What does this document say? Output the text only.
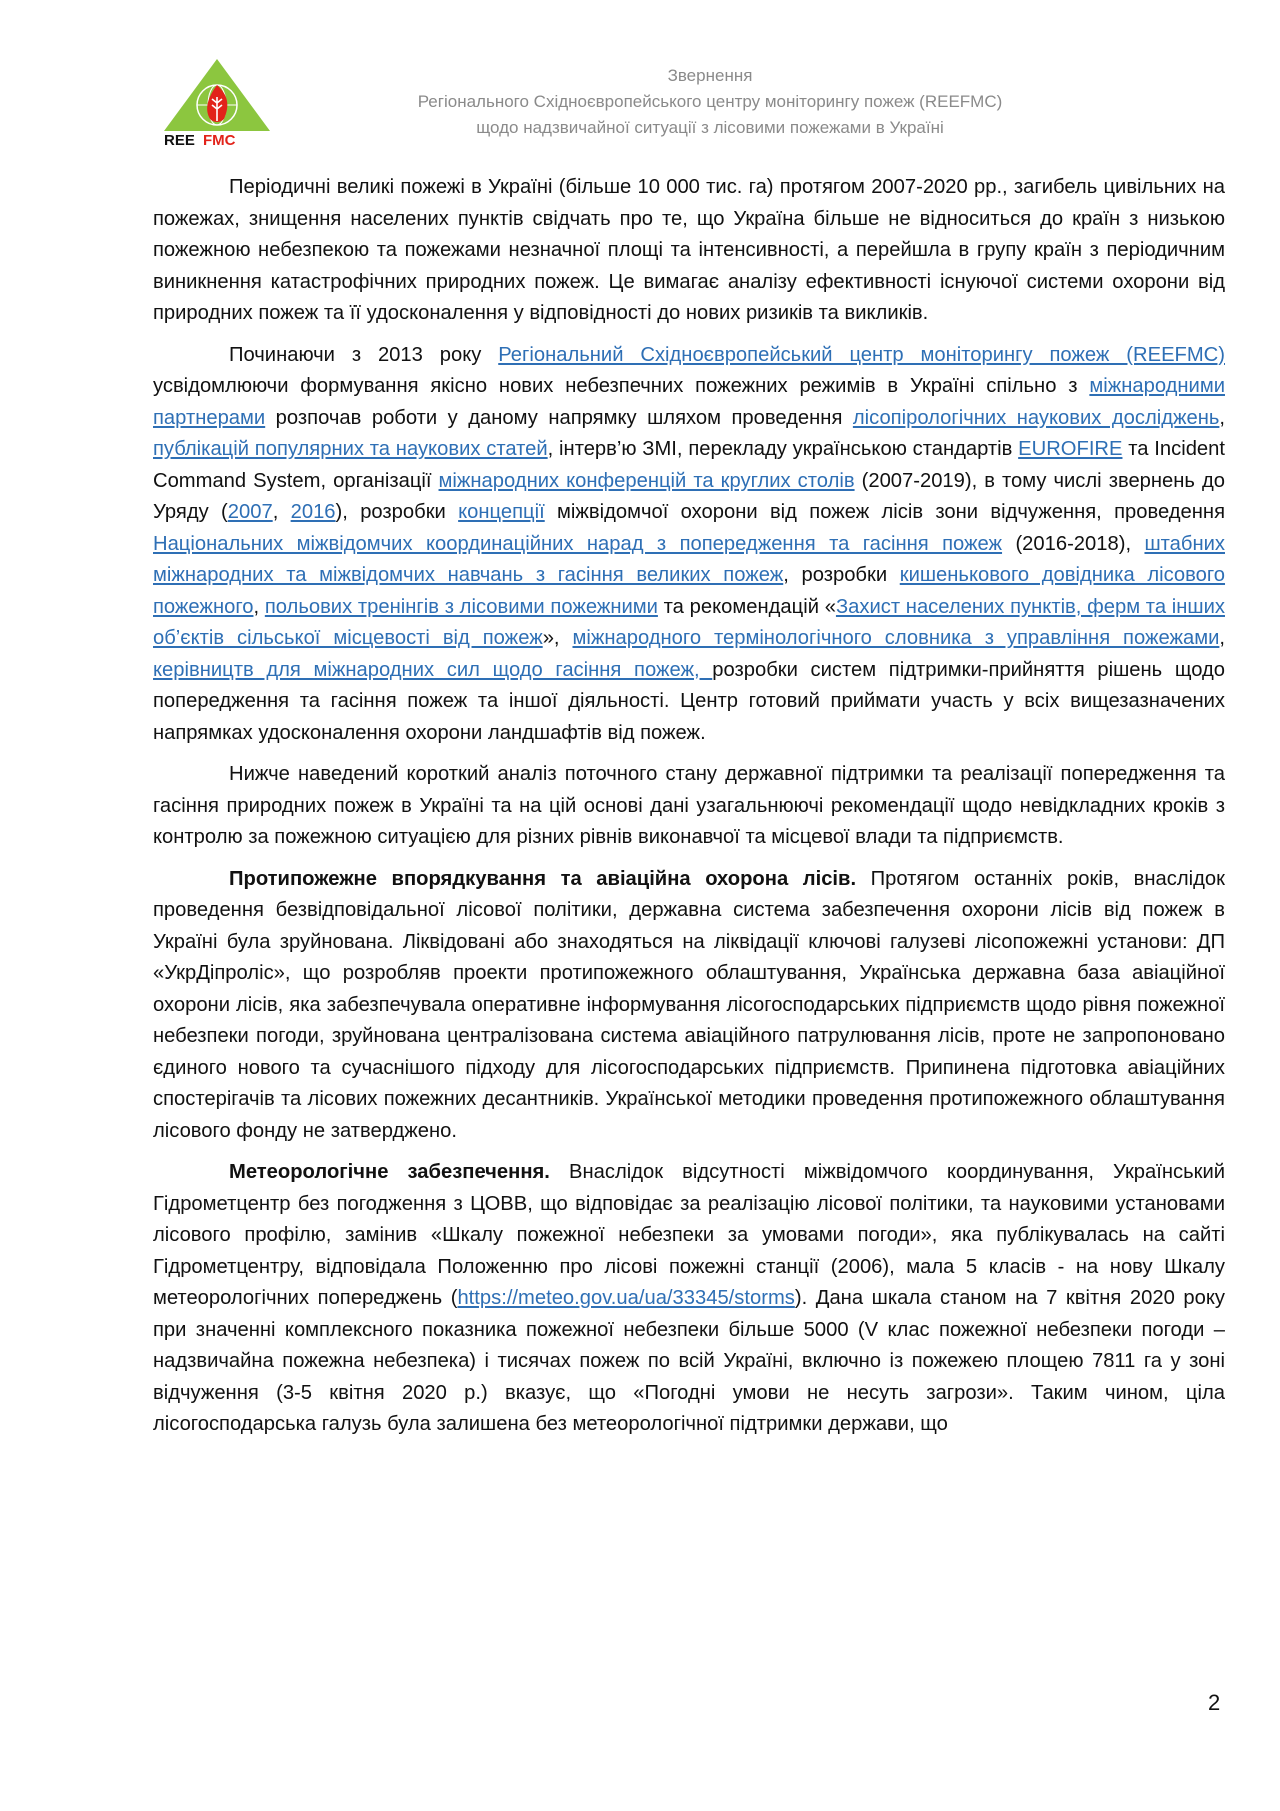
REE FMC
Звернення
Регіонального Східноєвропейського центру моніторингу пожеж (REEFMC)
щодо надзвичайної ситуації з лісовими пожежами в Україні

Періодичні великі пожежі в Україні (більше 10 000 тис. га) протягом 2007-2020 рр., загибель цивільних на пожежах, знищення населених пунктів свідчать про те, що Україна більше не відноситься до країн з низькою пожежною небезпекою та пожежами незначної площі та інтенсивності, а перейшла в групу країн з періодичним виникнення катастрофічних природних пожеж. Це вимагає аналізу ефективності існуючої системи охорони від природних пожеж та її удосконалення у відповідності до нових ризиків та викликів.

Починаючи з 2013 року Регіональний Східноєвропейський центр моніторингу пожеж (REEFMC) усвідомлюючи формування якісно нових небезпечних пожежних режимів в Україні спільно з міжнародними партнерами розпочав роботи у даному напрямку шляхом проведення лісопірологічних наукових досліджень, публікацій популярних та наукових статей, інтерв’ю ЗМІ, перекладу українською стандартів EUROFIRE та Incident Command System, організації міжнародних конференцій та круглих столів (2007-2019), в тому числі звернень до Уряду (2007, 2016), розробки концепції міжвідомчої охорони від пожеж лісів зони відчуження, проведення Національних міжвідомчих координаційних нарад з попередження та гасіння пожеж (2016-2018), штабних міжнародних та міжвідомчих навчань з гасіння великих пожеж, розробки кишенькового довідника лісового пожежного, польових тренінгів з лісовими пожежними та рекомендацій «Захист населених пунктів, ферм та інших об’єктів сільської місцевості від пожеж», міжнародного термінологічного словника з управління пожежами, керівництв для міжнародних сил щодо гасіння пожеж, розробки систем підтримки-прийняття рішень щодо попередження та гасіння пожеж та іншої діяльності. Центр готовий приймати участь у всіх вищезазначених напрямках удосконалення охорони ландшафтів від пожеж.

Нижче наведений короткий аналіз поточного стану державної підтримки та реалізації попередження та гасіння природних пожеж в Україні та на цій основі дані узагальнюючі рекомендації щодо невідкладних кроків з контролю за пожежною ситуацією для різних рівнів виконавчої та місцевої влади та підприємств.

Протипожежне впорядкування та авіаційна охорона лісів. Протягом останніх років, внаслідок проведення безвідповідальної лісової політики, державна система забезпечення охорони лісів від пожеж в Україні була зруйнована. Ліквідовані або знаходяться на ліквідації ключові галузеві лісопожежні установи: ДП «УкрДіпроліс», що розробляв проекти протипожежного облаштування, Українська державна база авіаційної охорони лісів, яка забезпечувала оперативне інформування лісогосподарських підприємств щодо рівня пожежної небезпеки погоди, зруйнована централізована система авіаційного патрулювання лісів, проте не запропоновано єдиного нового та сучаснішого підходу для лісогосподарських підприємств. Припинена підготовка авіаційних спостерігачів та лісових пожежних десантників. Української методики проведення протипожежного облаштування лісового фонду не затверджено.

Метеорологічне забезпечення. Внаслідок відсутності міжвідомчого координування, Український Гідрометцентр без погодження з ЦОВВ, що відповідає за реалізацію лісової політики, та науковими установами лісового профілю, замінив «Шкалу пожежної небезпеки за умовами погоди», яка публікувалась на сайті Гідрометцентру, відповідала Положенню про лісові пожежні станції (2006), мала 5 класів - на нову Шкалу метеорологічних попереджень (https://meteo.gov.ua/ua/33345/storms). Дана шкала станом на 7 квітня 2020 року при значенні комплексного показника пожежної небезпеки більше 5000 (V клас пожежної небезпеки погоди – надзвичайна пожежна небезпека) і тисячах пожеж по всій Україні, включно із пожежею площею 7811 га у зоні відчуження (3-5 квітня 2020 р.) вказує, що «Погодні умови не несуть загрози». Таким чином, ціла лісогосподарська галузь була залишена без метеорологічної підтримки держави, що

2
